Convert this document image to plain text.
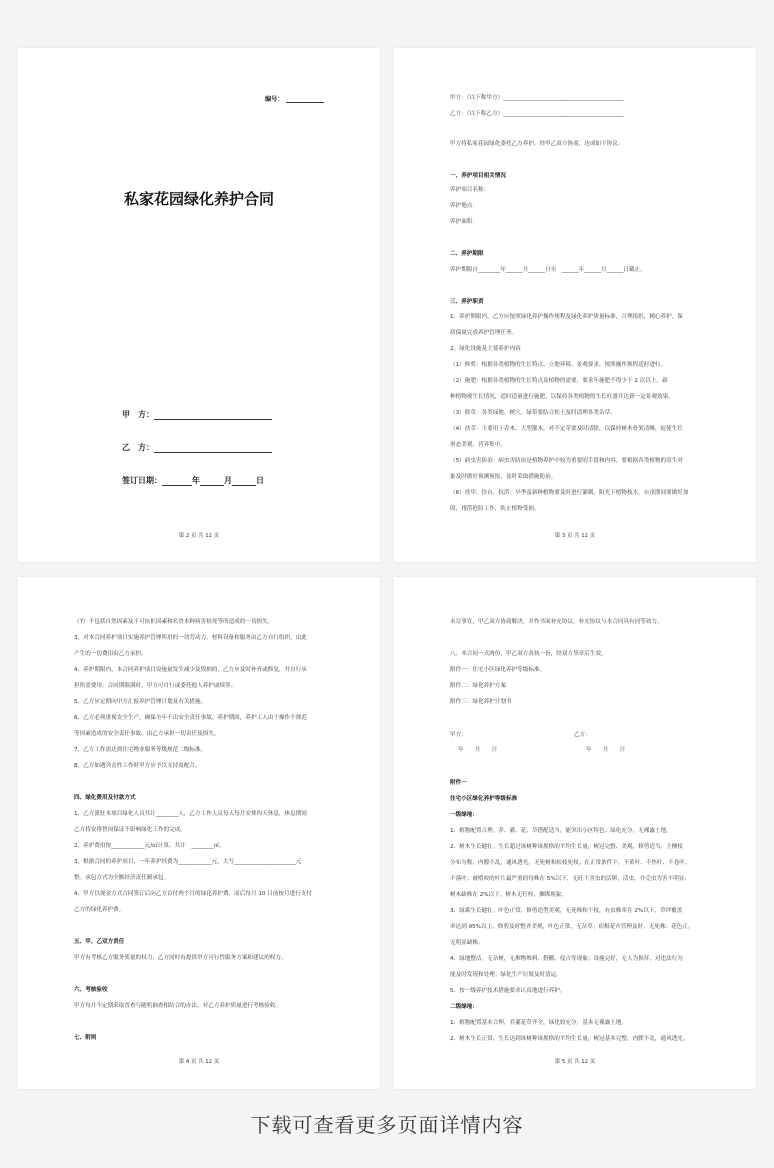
编号：
私家花园绿化养护合同
甲　方：
乙　方：
签订日期：	年	月	日
第 2 页 共 12 页
甲方：（以下称甲方）___________________________________________
乙方：（以下称乙方）___________________________________________
甲方将私家花园绿化委托乙方养护，经甲乙双方协商，达成如下协议：
一、养护项目相关情况
养护项目名称：
养护地点：
养护面积：
二、养护期限
养护期限自________年______月______日至　______年______月______日截止。
三、养护职责
1、养护期限内，乙方应按照绿化养护操作规程及绿化养护质量标准，合理组织，精心养护，保
质保量完成养护管理任务。
2、绿化设施及主要养护内容
（1）修剪：根据各类植物的生长特点、立地环境、景观要求，按照操作规程适时进行。
（2）施肥：根据各类植物的生长特点及植物的需要，要求年施肥不得少于 2 次以上，新
种植物视生长情况，适时适量进行施肥，以保持各类植物的生长旺盛并达到一定景观效果。
（3）除草：各类绿地、树穴、绿带要结合松土及时清理各类杂草。
（4）扶芽：主要用于乔木、大型灌木，对不定芽要及时清除，以保持树木骨架清晰，促使生长
形态美观，营养集中。
（5）病虫害防治：病虫害防治是植物养护中较为重要的手段和内容，要根据各类植物的寄生对
象及时做好预测预报，及时采取措施防治。
（6）扶甲、扶台、抗涝：早季及新种植物要及时进行灌溉，阳光下植物枝水，台汛期间要做好加
固，排涝抢险工作，防止植物受损。
第 3 页 共 12 页
（7）不包括自然因素及不可抗拒因素和名贵木种病害枯死等所造成的一切损失。
3、对本合同养护项目实施养护管理所用的一切劳动力、材料设备和服务由乙方自行组织，由此
产生的一切费用由乙方承担。
4、养护期限内，本合同养护项目设施量发生减少及毁损的，乙方应及时补齐或修复，并自行承
担所需费用。合同期限满时，甲方可自行或委托他人养护或续签。
5、乙方应定期向甲方汇报养护管理计划及有关措施。
6、乙方必须重视安全生产，确保全年不出安全责任事故。养护期间，养护工人由于操作不规范
等因素造成的安全责任事故，由乙方承担一切责任及损失。
7、乙方工作需达到住宅物业服务等级规范二级标准。
8、乙方如遇突击性工作时甲方应予以支持及配合。
四、绿化费用及付款方式
1、乙方派驻本项目绿化人员共计________人，乙方工作人员每人每月安排四天休息，休息期间
乙方将安排替岗保证不影响绿化工作的完成。
2、养护费用按____________元/㎡计算，共计　________㎡。
3、根据合同的养护项目，一年养护经费为____________元，大写______________________元
整。承包方式为全额经济责任制承包。
4、甲方以现金方式合同签订后向乙方首付两个月的绿化养护费，而后每月 10 日前按月进行支付
乙方的绿化养护费。
五、甲、乙双方责任
甲方有考核乙方服务质量的权力，乙方同时有提供甲方可行性服务方案和建议的权力。
六、考核验收
甲方每月不定期采取普查与随机抽查相结合的办法，对乙方养护质量进行考核验收。
七、附则
第 4 页 共 12 页
未尽事宜，甲乙双方协商解决，并作书面补充协议，补充协议与本合同具有同等效力。
八、本合同一式两份，甲乙双方各执一份，经双方签章后生效。
附件一：住宅小区绿化养护等级标准。
附件二：绿化养护方案
附件三：绿化养护计划书
附件一
住宅小区绿化养护等级标准
一级绿地：
1、植物配置合理。乔、灌、花、草搭配适当，能突出小区特色；绿化充分，无裸露土地。
2、树木生长健壮。生长超过该树种该规格的平均生长量，树冠完整、美观，修剪适当，主侧枝
分布匀称，内膛不乱，通风透光。无死树和枯枝死杈；在正常条件下，不黄叶、不焦叶、不卷叶、
不落叶；被啃咬的叶片最严重的每株在 5%以下，无旺干害虫的活卵、活虫，介壳虫为害不明显；
树木缺株在 2%以下，树木无钉栓、捆绑现象。
3、绿篱生长健壮。叶色正常，修剪造型美观，无死株和干枝，有虫株率在 2%以下，草坪覆盖
率达到 95%以上，修剪及时整齐美观，叶色正常，无杂草；宿根花卉管理及时，无死株；花色正，
无明显缺株。
4、绿地整洁，无杂树，无堆物堆料、搭棚、侵占等现象；设施完好，无人为损坏，对违法行为
能及时发现和处理；绿化生产垃圾及时清运。
5、按一级养护技术措施要求认真地进行养护。
二级绿地：
1、植物配置基本合理，乔灌花草齐全，绿化较充分，基本无裸露土地。
2、树木生长正常，生长达到该树种该规格的平均生长量，树冠基本完整，内膛不乱，通风透光。
甲方：	乙方：
年　　月　　日	年　　月　　日
第 5 页 共 12 页
下载可查看更多页面详情内容
